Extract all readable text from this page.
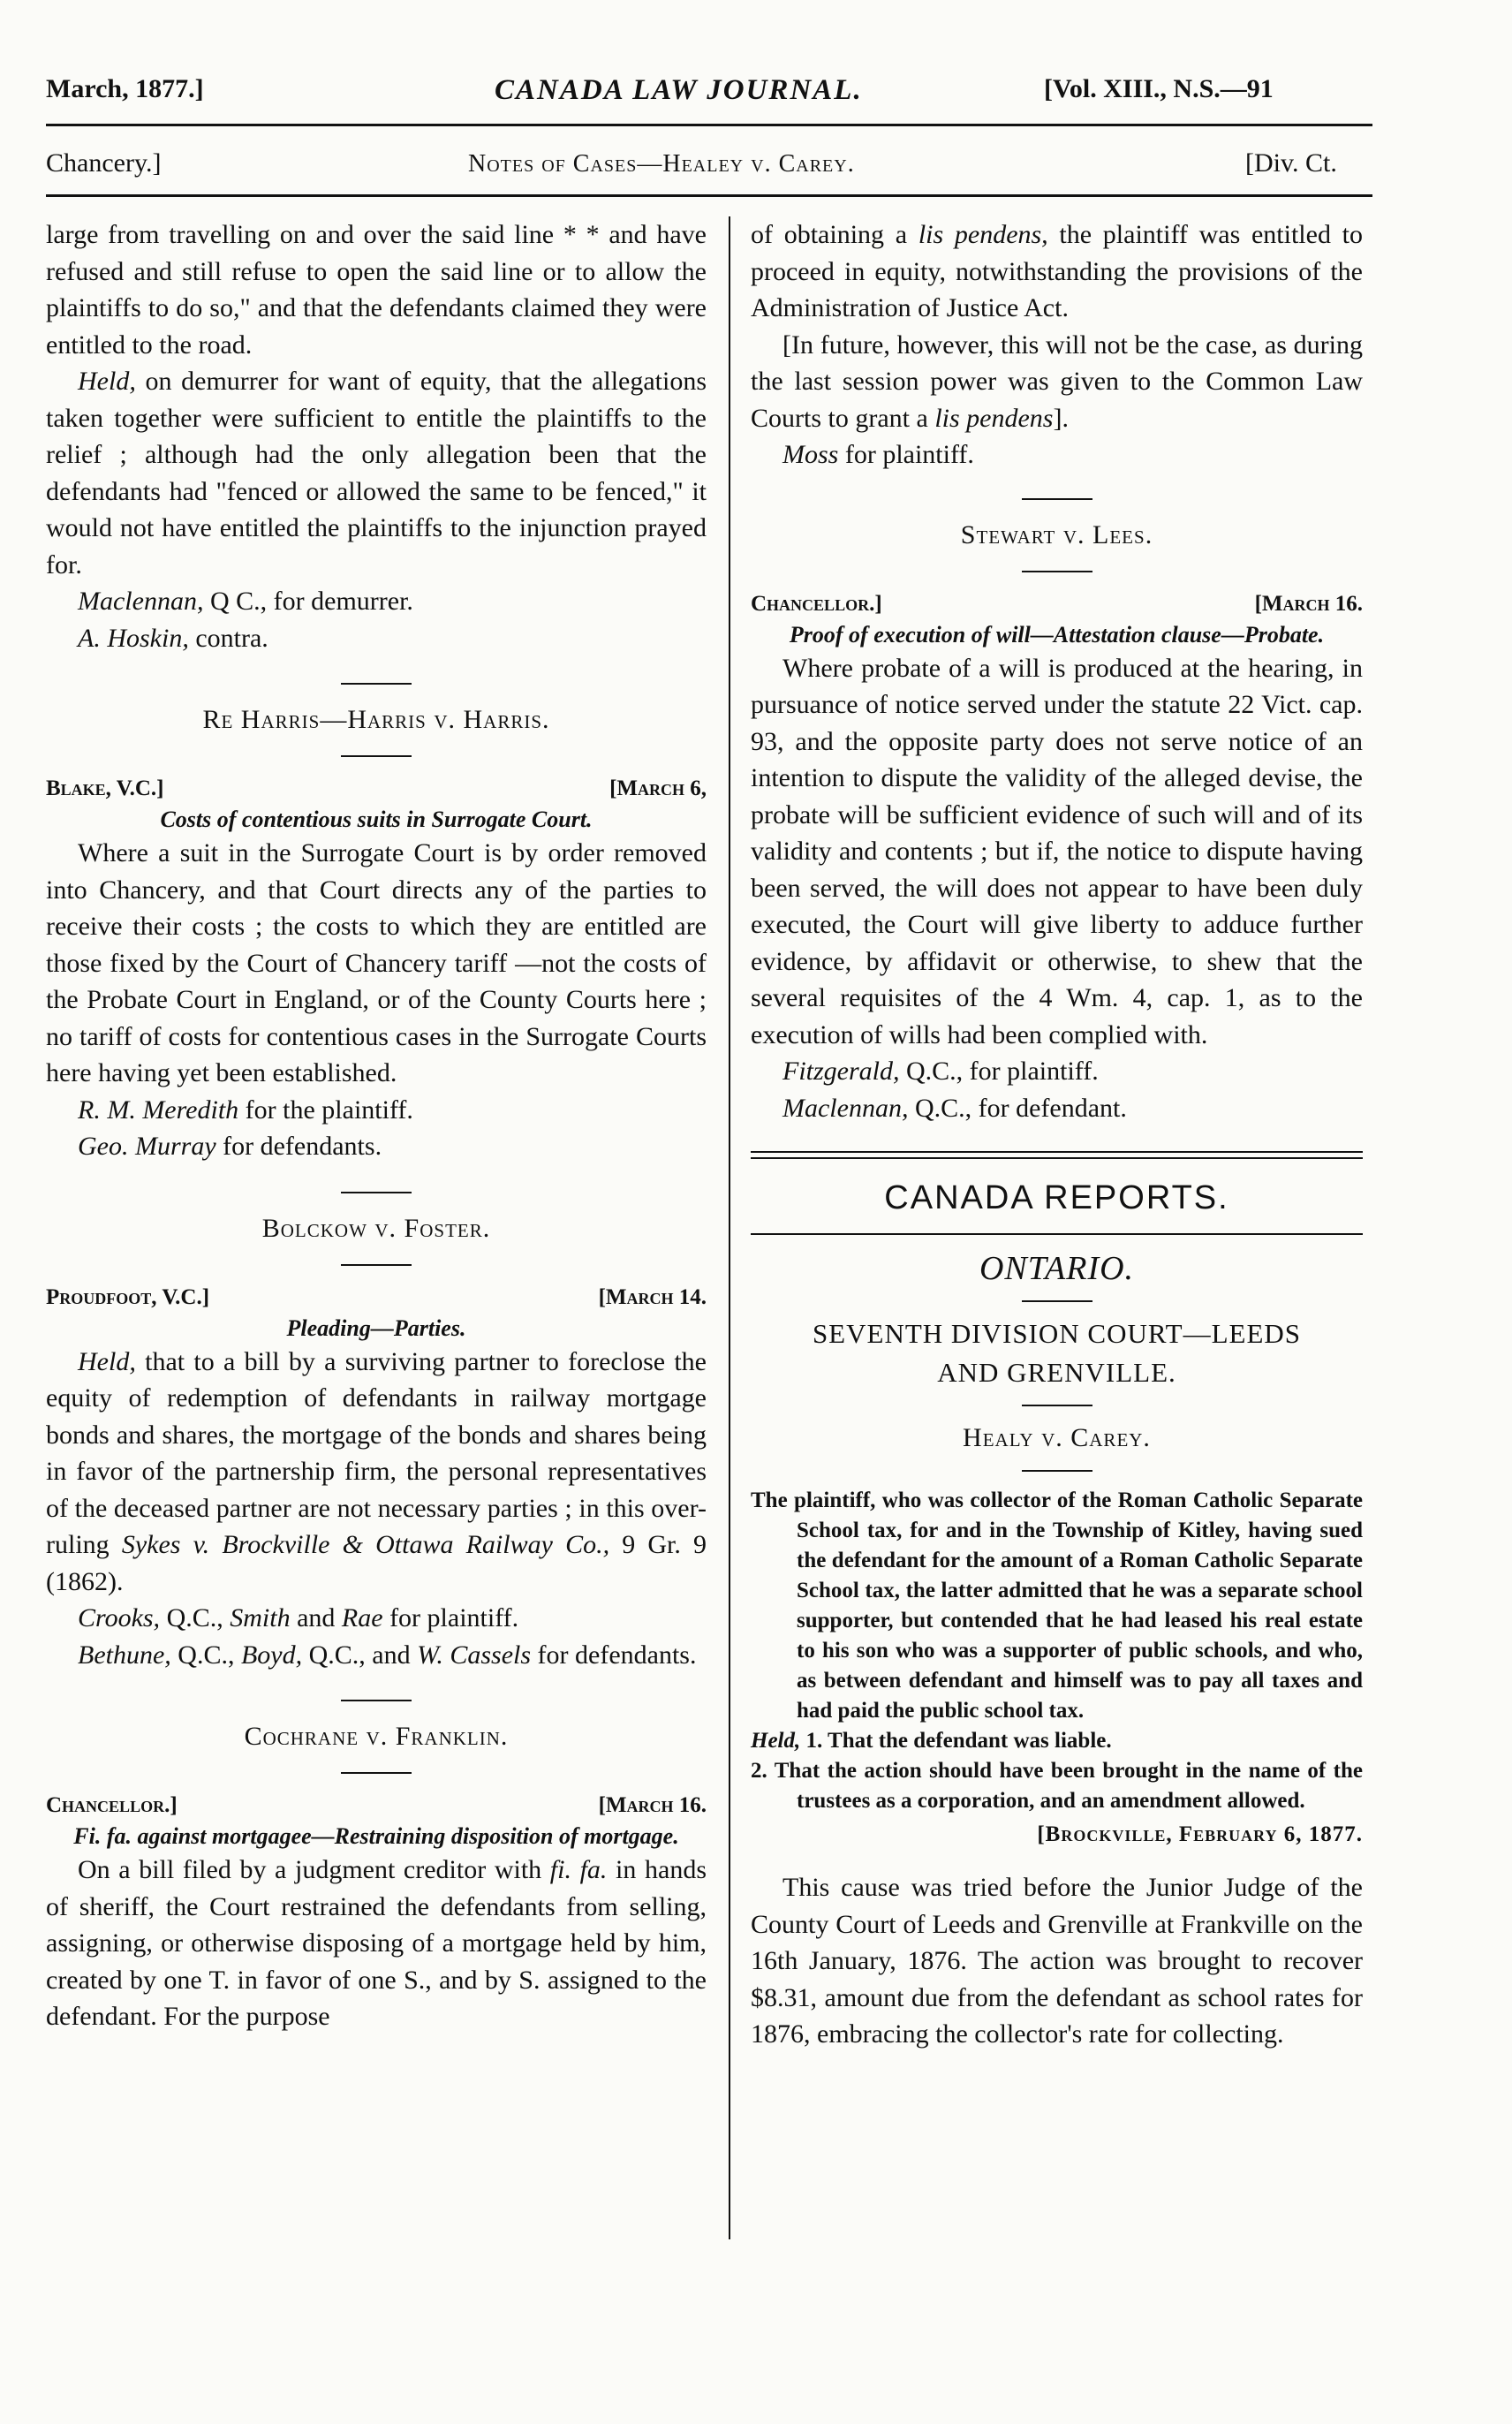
March, 1877.]	CANADA LAW JOURNAL.	[Vol. XIII., N.S.—91
Chancery.]	Notes of Cases—Healey v. Carey.	[Div. Ct.

large from travelling on and over the said line * * and have refused and still refuse to open the said line or to allow the plaintiffs to do so," and that the defendants claimed they were entitled to the road.

Held, on demurrer for want of equity, that the allegations taken together were sufficient to entitle the plaintiffs to the relief ; although had the only allegation been that the defendants had "fenced or allowed the same to be fenced," it would not have entitled the plaintiffs to the injunction prayed for.

Maclennan, Q C., for demurrer.

A. Hoskin, contra.

Re Harris—Harris v. Harris.
Blake, V.C.]	[March 6,
Costs of contentious suits in Surrogate Court.

Where a suit in the Surrogate Court is by order removed into Chancery, and that Court directs any of the parties to receive their costs ; the costs to which they are entitled are those fixed by the Court of Chancery tariff —not the costs of the Probate Court in England, or of the County Courts here ; no tariff of costs for contentious cases in the Surrogate Courts here having yet been established.

R. M. Meredith for the plaintiff.

Geo. Murray for defendants.

Bolckow v. Foster.
Proudfoot, V.C.]	[March 14.
Pleading—Parties.

Held, that to a bill by a surviving partner to foreclose the equity of redemption of defendants in railway mortgage bonds and shares, the mortgage of the bonds and shares being in favor of the partnership firm, the personal representatives of the deceased partner are not necessary parties ; in this over-ruling Sykes v. Brockville & Ottawa Railway Co., 9 Gr. 9 (1862).

Crooks, Q.C., Smith and Rae for plaintiff.

Bethune, Q.C., Boyd, Q.C., and W. Cassels for defendants.

Cochrane v. Franklin.
Chancellor.]	[March 16.
Fi. fa. against mortgagee—Restraining disposition of mortgage.

On a bill filed by a judgment creditor with fi. fa. in hands of sheriff, the Court restrained the defendants from selling, assigning, or otherwise disposing of a mortgage held by him, created by one T. in favor of one S., and by S. assigned to the defendant. For the purpose

of obtaining a lis pendens, the plaintiff was entitled to proceed in equity, notwithstanding the provisions of the Administration of Justice Act.

[In future, however, this will not be the case, as during the last session power was given to the Common Law Courts to grant a lis pendens].

Moss for plaintiff.

Stewart v. Lees.
Chancellor.]	[March 16.
Proof of execution of will—Attestation clause—Probate.

Where probate of a will is produced at the hearing, in pursuance of notice served under the statute 22 Vict. cap. 93, and the opposite party does not serve notice of an intention to dispute the validity of the alleged devise, the probate will be sufficient evidence of such will and of its validity and contents ; but if, the notice to dispute having been served, the will does not appear to have been duly executed, the Court will give liberty to adduce further evidence, by affidavit or otherwise, to shew that the several requisites of the 4 Wm. 4, cap. 1, as to the execution of wills had been complied with.

Fitzgerald, Q.C., for plaintiff.

Maclennan, Q.C., for defendant.

CANADA REPORTS.
ONTARIO.
SEVENTH DIVISION COURT—LEEDS
AND GRENVILLE.
Healy v. Carey.

The plaintiff, who was collector of the Roman Catholic Separate School tax, for and in the Township of Kitley, having sued the defendant for the amount of a Roman Catholic Separate School tax, the latter admitted that he was a separate school supporter, but contended that he had leased his real estate to his son who was a supporter of public schools, and who, as between defendant and himself was to pay all taxes and had paid the public school tax.

Held, 1. That the defendant was liable.

2. That the action should have been brought in the name of the trustees as a corporation, and an amendment allowed.

[Brockville, February 6, 1877.

This cause was tried before the Junior Judge of the County Court of Leeds and Grenville at Frankville on the 16th January, 1876. The action was brought to recover $8.31, amount due from the defendant as school rates for 1876, embracing the collector's rate for collecting.
